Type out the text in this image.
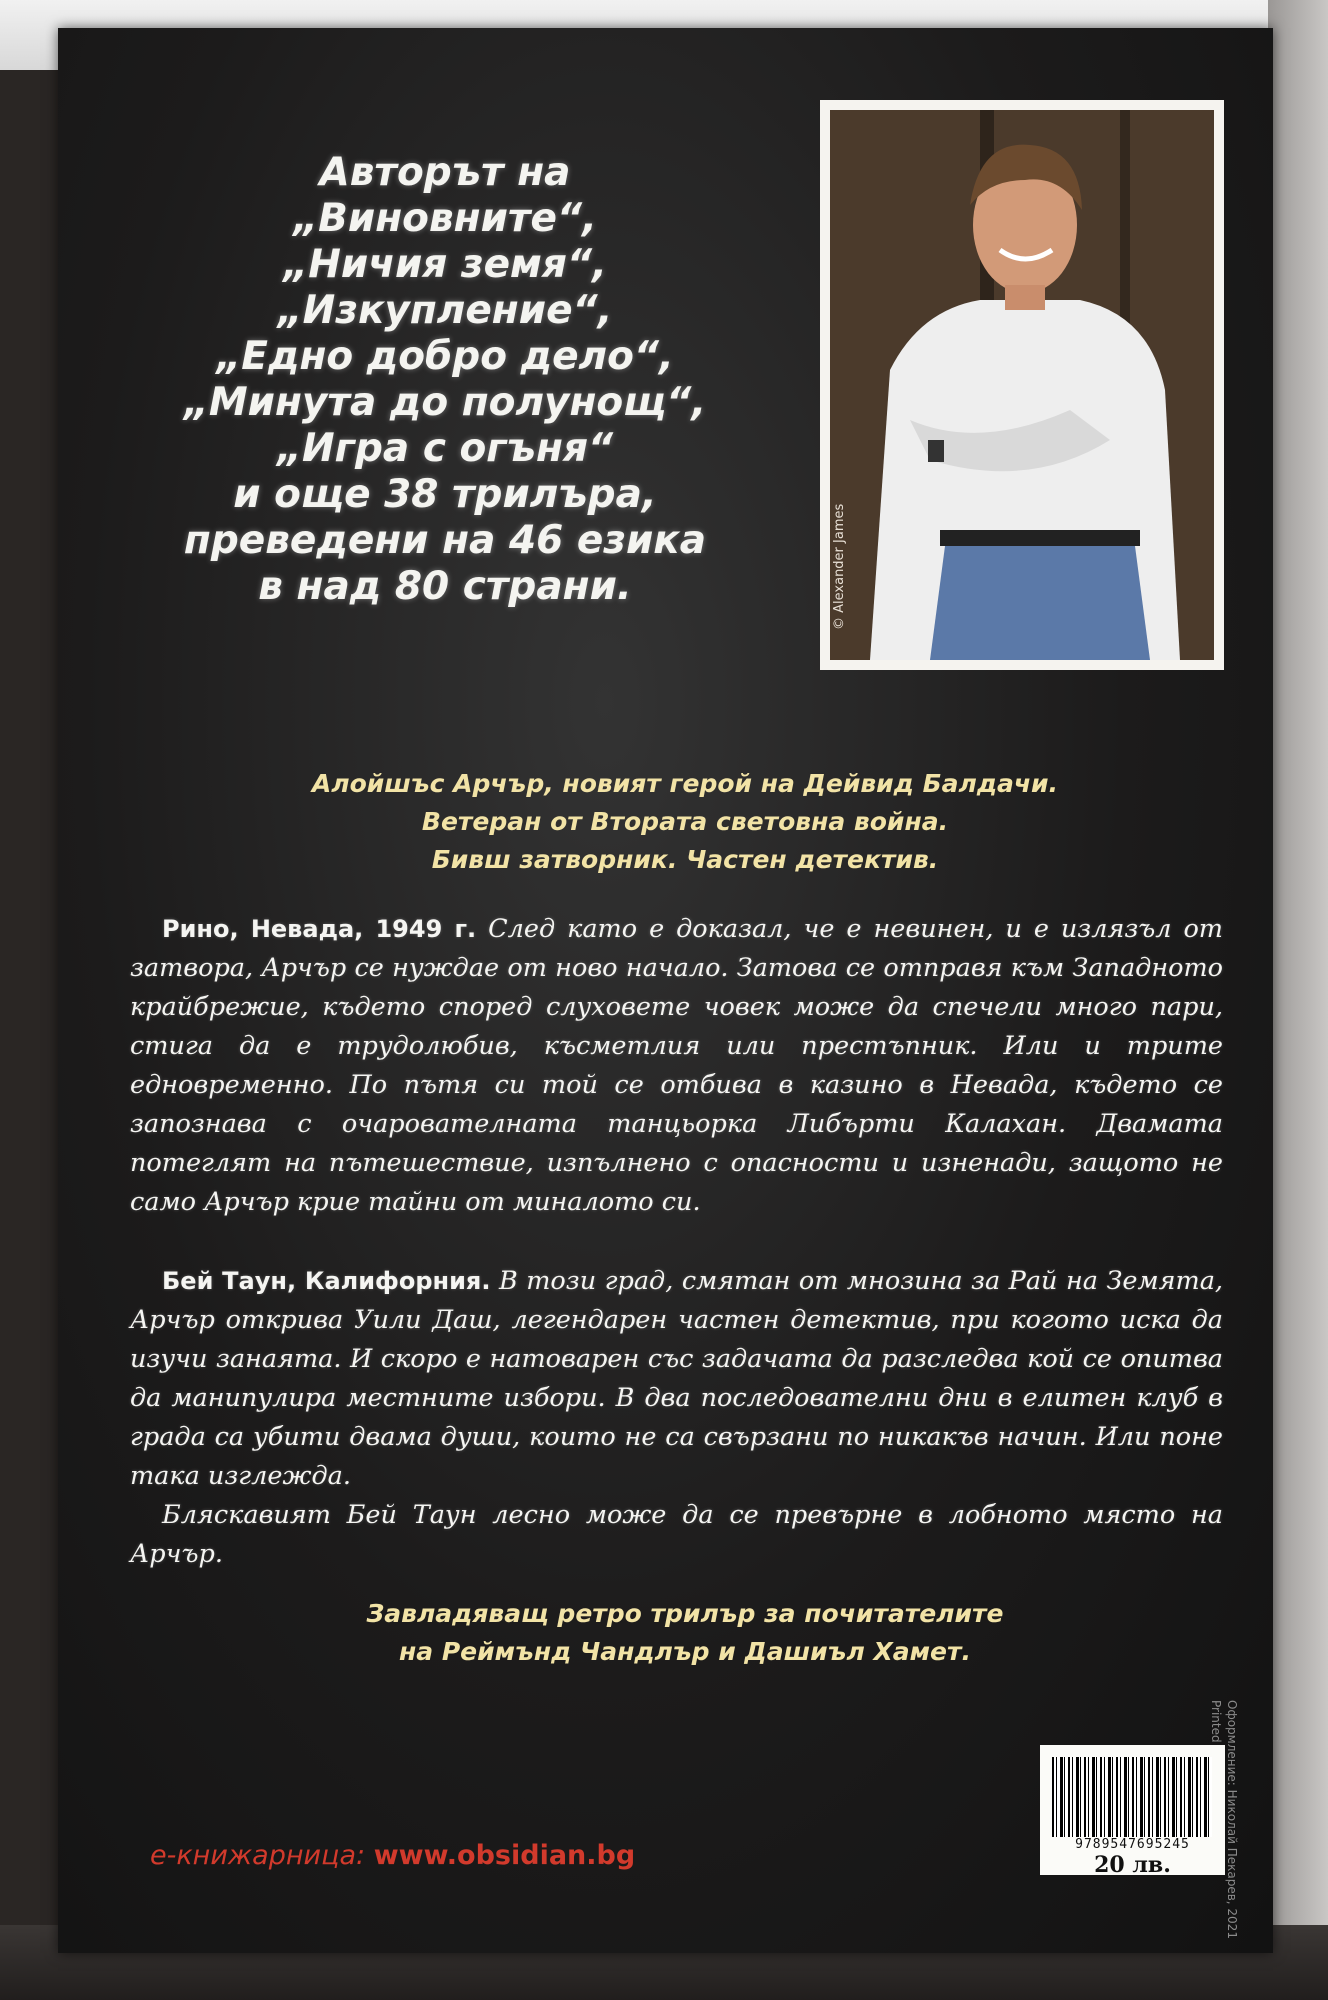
Авторът на
„Виновните“,
„Ничия земя“,
„Изкупление“,
„Едно добро дело“,
„Минута до полунощ“,
„Игра с огъня“
и още 38 трилъра,
преведени на 46 езика
в над 80 страни.	© Alexander James
Алойшъс Арчър, новият герой на Дейвид Балдачи.
Ветеран от Втората световна война.
Бивш затворник. Частен детектив.

Рино, Невада, 1949 г. След като е доказал, че е невинен, и е излязъл от затвора, Арчър се нуждае от ново начало. Затова се отправя към Западното крайбрежие, където според слуховете човек може да спечели много пари, стига да е трудолюбив, късметлия или престъпник. Или и трите едновременно. По пътя си той се отбива в казино в Невада, където се запознава с очарователната танцьорка Либърти Калахан. Двамата потеглят на пътешествие, изпълнено с опасности и изненади, защото не само Арчър крие тайни от миналото си.

Бей Таун, Калифорния. В този град, смятан от мнозина за Рай на Земята, Арчър открива Уили Даш, легендарен частен детектив, при когото иска да изучи занаята. И скоро е натоварен със задачата да разследва кой се опитва да манипулира местните избори. В два последователни дни в елитен клуб в града са убити двама души, които не са свързани по никакъв начин. Или поне така изглежда.

Бляскавият Бей Таун лесно може да се превърне в лобното място на Арчър.

Завладяващ ретро трилър за почитателите
на Реймънд Чандлър и Дашиъл Хамет.
Оформление: Николай Пекарев, 2021
9789547695245
20 лв.
е-книжарница: www.obsidian.bg
